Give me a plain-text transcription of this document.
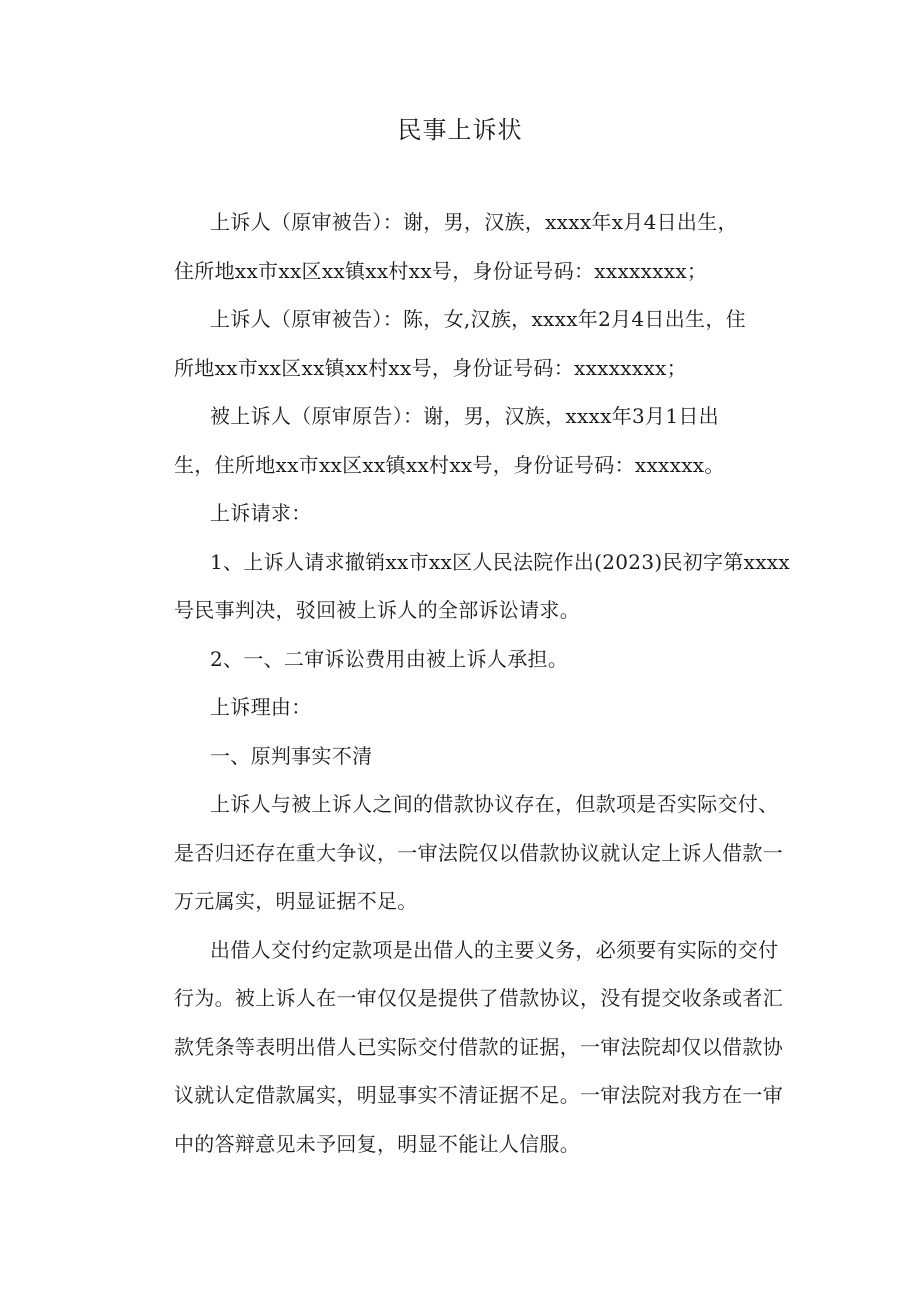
民事上诉状
上诉人（原审被告）：谢，男，汉族，xxxx年x月4日出生，
住所地xx市xx区xx镇xx村xx号，身份证号码：xxxxxxxx；
上诉人（原审被告）：陈，女,汉族，xxxx年2月4日出生，住
所地xx市xx区xx镇xx村xx号，身份证号码：xxxxxxxx；
被上诉人（原审原告）：谢，男，汉族，xxxx年3月1日出
生，住所地xx市xx区xx镇xx村xx号，身份证号码：xxxxxx。
上诉请求：
1、上诉人请求撤销xx市xx区人民法院作出(2023)民初字第xxxx
号民事判决，驳回被上诉人的全部诉讼请求。
2、一、二审诉讼费用由被上诉人承担。
上诉理由：
一、原判事实不清
上诉人与被上诉人之间的借款协议存在，但款项是否实际交付、
是否归还存在重大争议，一审法院仅以借款协议就认定上诉人借款一
万元属实，明显证据不足。
出借人交付约定款项是出借人的主要义务，必须要有实际的交付
行为。被上诉人在一审仅仅是提供了借款协议，没有提交收条或者汇
款凭条等表明出借人已实际交付借款的证据，一审法院却仅以借款协
议就认定借款属实，明显事实不清证据不足。一审法院对我方在一审
中的答辩意见未予回复，明显不能让人信服。
